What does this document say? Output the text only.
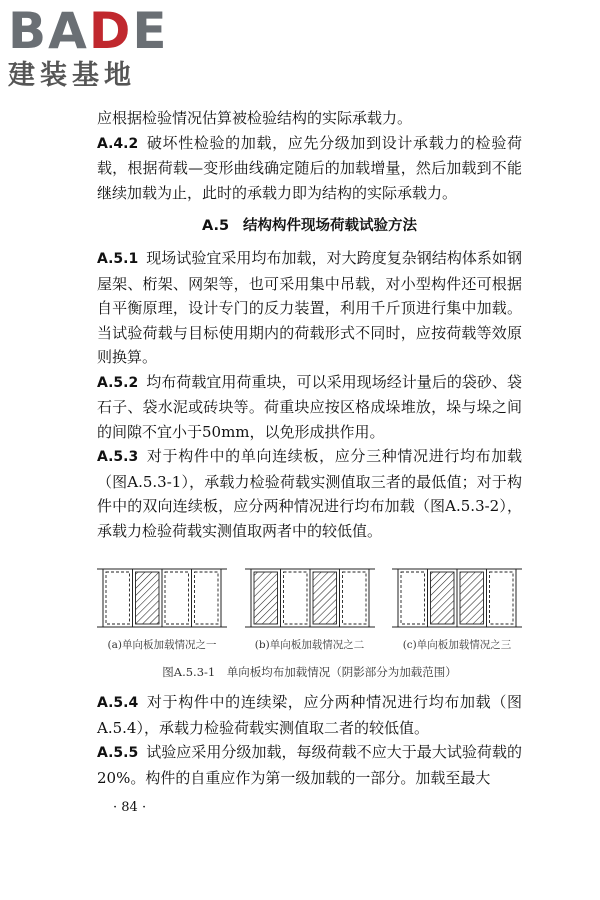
BADE
建装基地

应根据检验情况估算被检验结构的实际承载力。

A.4.2 破坏性检验的加载，应先分级加到设计承载力的检验荷载，根据荷载—变形曲线确定随后的加载增量，然后加载到不能继续加载为止，此时的承载力即为结构的实际承载力。

A.5 结构构件现场荷载试验方法

A.5.1 现场试验宜采用均布加载，对大跨度复杂钢结构体系如钢屋架、桁架、网架等，也可采用集中吊载，对小型构件还可根据自平衡原理，设计专门的反力装置，利用千斤顶进行集中加载。当试验荷载与目标使用期内的荷载形式不同时，应按荷载等效原则换算。

A.5.2 均布荷载宜用荷重块，可以采用现场经计量后的袋砂、袋石子、袋水泥或砖块等。荷重块应按区格成垛堆放，垛与垛之间的间隙不宜小于50mm，以免形成拱作用。

A.5.3 对于构件中的单向连续板，应分三种情况进行均布加载（图A.5.3-1），承载力检验荷载实测值取三者的最低值；对于构件中的双向连续板，应分两种情况进行均布加载（图A.5.3-2），承载力检验荷载实测值取两者中的较低值。

(a)单向板加载情况之一	(b)单向板加载情况之二	(c)单向板加载情况之三
图A.5.3-1　单向板均布加载情况（阴影部分为加载范围）

A.5.4 对于构件中的连续梁，应分两种情况进行均布加载（图A.5.4），承载力检验荷载实测值取二者的较低值。

A.5.5 试验应采用分级加载，每级荷载不应大于最大试验荷载的20%。构件的自重应作为第一级加载的一部分。加载至最大

· 84 ·
